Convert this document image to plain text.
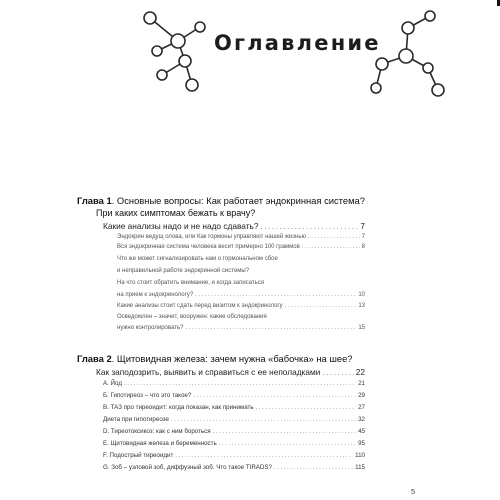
Оглавление
Глава 1 . Основные вопросы: Как работает эндокринная система?
При каких симптомах бежать к врачу?
Какие анализы надо и не надо сдавать? .....	7
Эндокрин ведущ олова, или Как гормоны управляют нашей жизнью .....	7
Вся эндокринная система человека весит примерно 100 граммов .....	8
Что же может сигнализировать нам о гормональном сбое
и неправильной работе эндокринной системы?
На что стоит обратить внимание, и когда записаться
на прием к эндокринологу? .....	10
Какие анализы стоит сдать перед визитом к эндокринологу .....	13
Осведомлен – значит, вооружен: какие обследования
нужно контролировать? .....	15
Глава 2 . Щитовидная железа: зачем нужна «бабочка» на шее?
Как заподозрить, выявить и справиться с ее неполадками .....	22
A. Йод .....	21
Б. Гипотиреоз – что это такое? .....	29
В. ТАЗ про тиреоидит: когда показан, как принимать .....	27
Диета при гипотиреозе .....	32
D. Тиреотоксикоз: как с ним бороться .....	45
Е. Щитовидная железа и беременность .....	95
F. Подострый тиреоидит .....	110
G. Зоб – узловой зоб, диффузный зоб. Что такое TIRADS? .....	115
5
